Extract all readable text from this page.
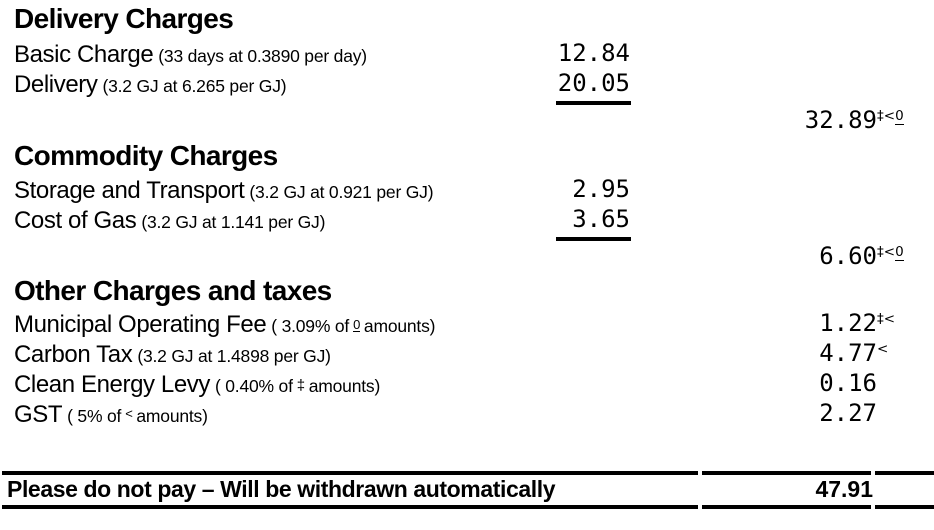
Delivery Charges
Basic Charge (33 days at 0.3890 per day)	12.84
Delivery (3.2 GJ at 6.265 per GJ)	20.05
32.89 ‡<0
Commodity Charges
Storage and Transport (3.2 GJ at 0.921 per GJ)	2.95
Cost of Gas (3.2 GJ at 1.141 per GJ)	3.65
6.60 ‡<0
Other Charges and taxes
Municipal Operating Fee ( 3.09% of 0 amounts)	1.22 ‡<
Carbon Tax (3.2 GJ at 1.4898 per GJ)	4.77 <
Clean Energy Levy ( 0.40% of ‡ amounts)	0.16
GST ( 5% of < amounts)	2.27
Please do not pay – Will be withdrawn automatically	47.91
